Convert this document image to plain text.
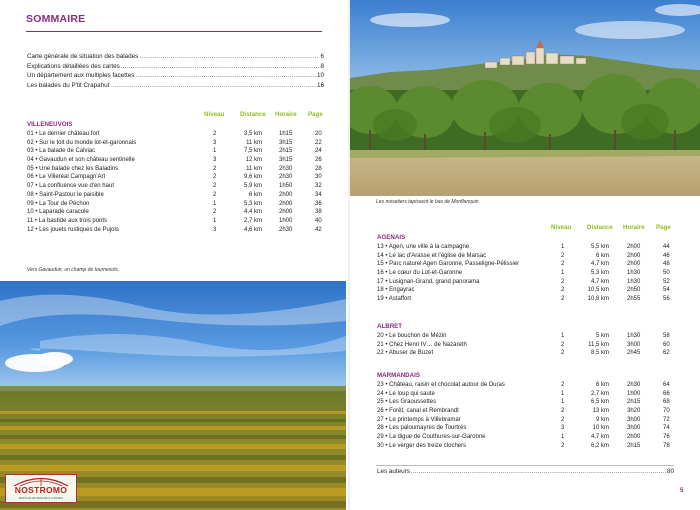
SOMMAIRE
Carte générale de situation des balades .....	6
Explications détaillées des cartes .....	8
Un département aux multiples facettes .....	10
Les balades du P'tit Crapahut .....	16
Niveau	Distance Horaire Page
VILLENEUVOIS
01 • Le dernier château fort	2	3,5 km	1h15	20
02 • Sur le toit du monde lot-et-garonnais	3	11 km	3h15	22
03 • La balade de Calviac	1	7,5 km	2h15	24
04 • Gavaudun et son château sentinelle	3	12 km	3h15	26
05 • Une balade chez les Baladins	2	11 km	2h30	28
06 • Le Villeréal Campagn'Art	2	9,6 km	2h30	30
07 • La confluence vue d'en haut	2	5,9 km	1h50	32
08 • Saint-Pastour le paisible	2	6 km	2h00	34
09 • La Tour de Péchon	1	5,3 km	2h00	36
10 • Laparade caracole	2	4,4 km	2h00	38
11 • La bastide aux trois ponts	1	2,7 km	1h00	40
12 • Les jouets rustiques de Pujols	3	4,6 km	2h30	42
Vers Gavaudun, un champ de tournesols.
NOSTROMO
SERVICE DE PRESSE & CONSEIL
Les noisetiers tapissent le bas de Monflanquin.
Niveau	Distance Horaire Page
AGENAIS
13 • Agen, une ville à la campagne	1	5,5 km	2h00	44
14 • Le lac d'Arasse et l'église de Marsac	2	6 km	2h00	46
15 • Parc naturel Agen Garonne, Passeligne-Pélissier	2	4,7 km	2h00	48
16 • Le cœur du Lot-et-Garonne	1	5,3 km	1h30	50
17 • Lusignan-Grand, grand panorama	2	4,7 km	1h30	52
18 • Engayrac	2	10,5 km	2h50	54
19 • Astaffort	2	10,8 km	2h55	56
ALBRET
20 • Le bouchon de Mézin	1	5 km	1h30	58
21 • Chez Henri IV… de Nazareth	2	11,5 km	3h00	60
22 • Abuser de Buzet	2	8,5 km	2h45	62
MARMANDAIS
23 • Château, raisin et chocolat autour de Duras	2	6 km	2h30	64
24 • Le loup qui saute	1	2,7 km	1h00	66
25 • Les Graoussettes	1	6,5 km	2h15	68
26 • Forêt, canal et Rembrandt	2	13 km	3h20	70
27 • Le printemps à Villebramar	2	9 km	3h00	72
28 • Les paloumayres de Tourtrès	3	10 km	3h00	74
29 • La digue de Couthures-sur-Garonne	1	4,7 km	2h00	76
30 • Le verger des treize clochers	2	6,2 km	2h15	78
Les auteurs .....	80
5
